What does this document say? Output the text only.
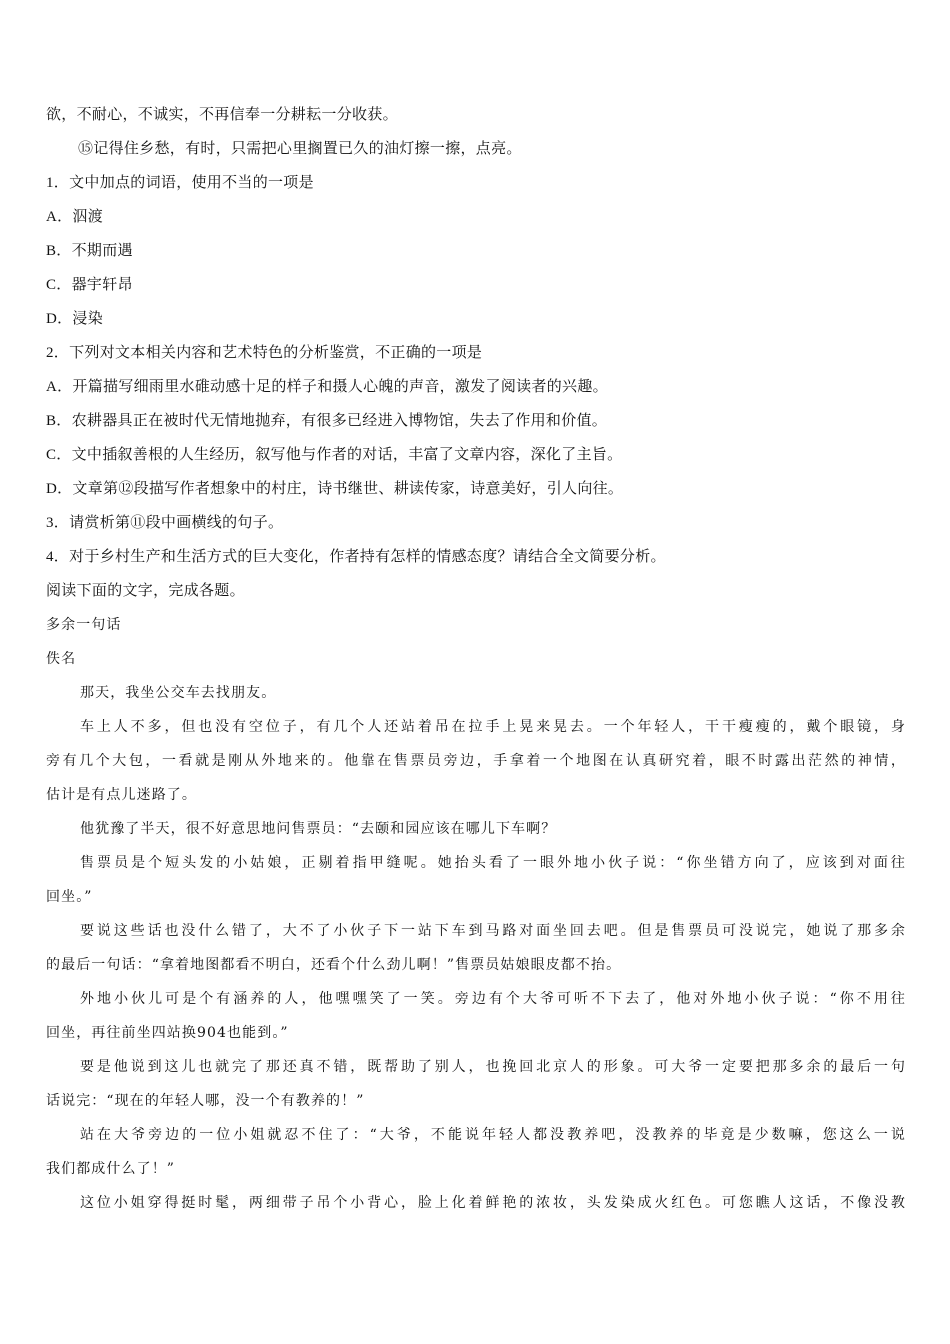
欲，不耐心，不诚实，不再信奉一分耕耘一分收获。
⑮记得住乡愁，有时，只需把心里搁置已久的油灯擦一擦，点亮。
1．文中加点的词语，使用不当的一项是
A．泅渡
B．不期而遇
C．器宇轩昂
D．浸染
2．下列对文本相关内容和艺术特色的分析鉴赏，不正确的一项是
A．开篇描写细雨里水碓动感十足的样子和摄人心魄的声音，激发了阅读者的兴趣。
B．农耕器具正在被时代无情地抛弃，有很多已经进入博物馆，失去了作用和价值。
C．文中插叙善根的人生经历，叙写他与作者的对话，丰富了文章内容，深化了主旨。
D．文章第⑫段描写作者想象中的村庄，诗书继世、耕读传家，诗意美好，引人向往。
3．请赏析第⑪段中画横线的句子。
4．对于乡村生产和生活方式的巨大变化，作者持有怎样的情感态度？请结合全文简要分析。
阅读下面的文字，完成各题。
多余一句话
佚名
那天，我坐公交车去找朋友。
车上人不多，但也没有空位子，有几个人还站着吊在拉手上晃来晃去。一个年轻人，干干瘦瘦的，戴个眼镜，身
旁有几个大包，一看就是刚从外地来的。他靠在售票员旁边，手拿着一个地图在认真研究着，眼不时露出茫然的神情，
估计是有点儿迷路了。
他犹豫了半天，很不好意思地问售票员：“去颐和园应该在哪儿下车啊？
售票员是个短头发的小姑娘，正剔着指甲缝呢。她抬头看了一眼外地小伙子说：“你坐错方向了，应该到对面往
回坐。”
要说这些话也没什么错了，大不了小伙子下一站下车到马路对面坐回去吧。但是售票员可没说完，她说了那多余
的最后一句话：“拿着地图都看不明白，还看个什么劲儿啊！”售票员姑娘眼皮都不抬。
外地小伙儿可是个有涵养的人，他嘿嘿笑了一笑。旁边有个大爷可听不下去了，他对外地小伙子说：“你不用往
回坐，再往前坐四站换904也能到。”
要是他说到这儿也就完了那还真不错，既帮助了别人，也挽回北京人的形象。可大爷一定要把那多余的最后一句
话说完：“现在的年轻人哪，没一个有教养的！”
站在大爷旁边的一位小姐就忍不住了：“大爷，不能说年轻人都没教养吧，没教养的毕竟是少数嘛，您这么一说
我们都成什么了！”
这位小姐穿得挺时髦，两细带子吊个小背心，脸上化着鲜艳的浓妆，头发染成火红色。可您瞧人这话，不像没教
